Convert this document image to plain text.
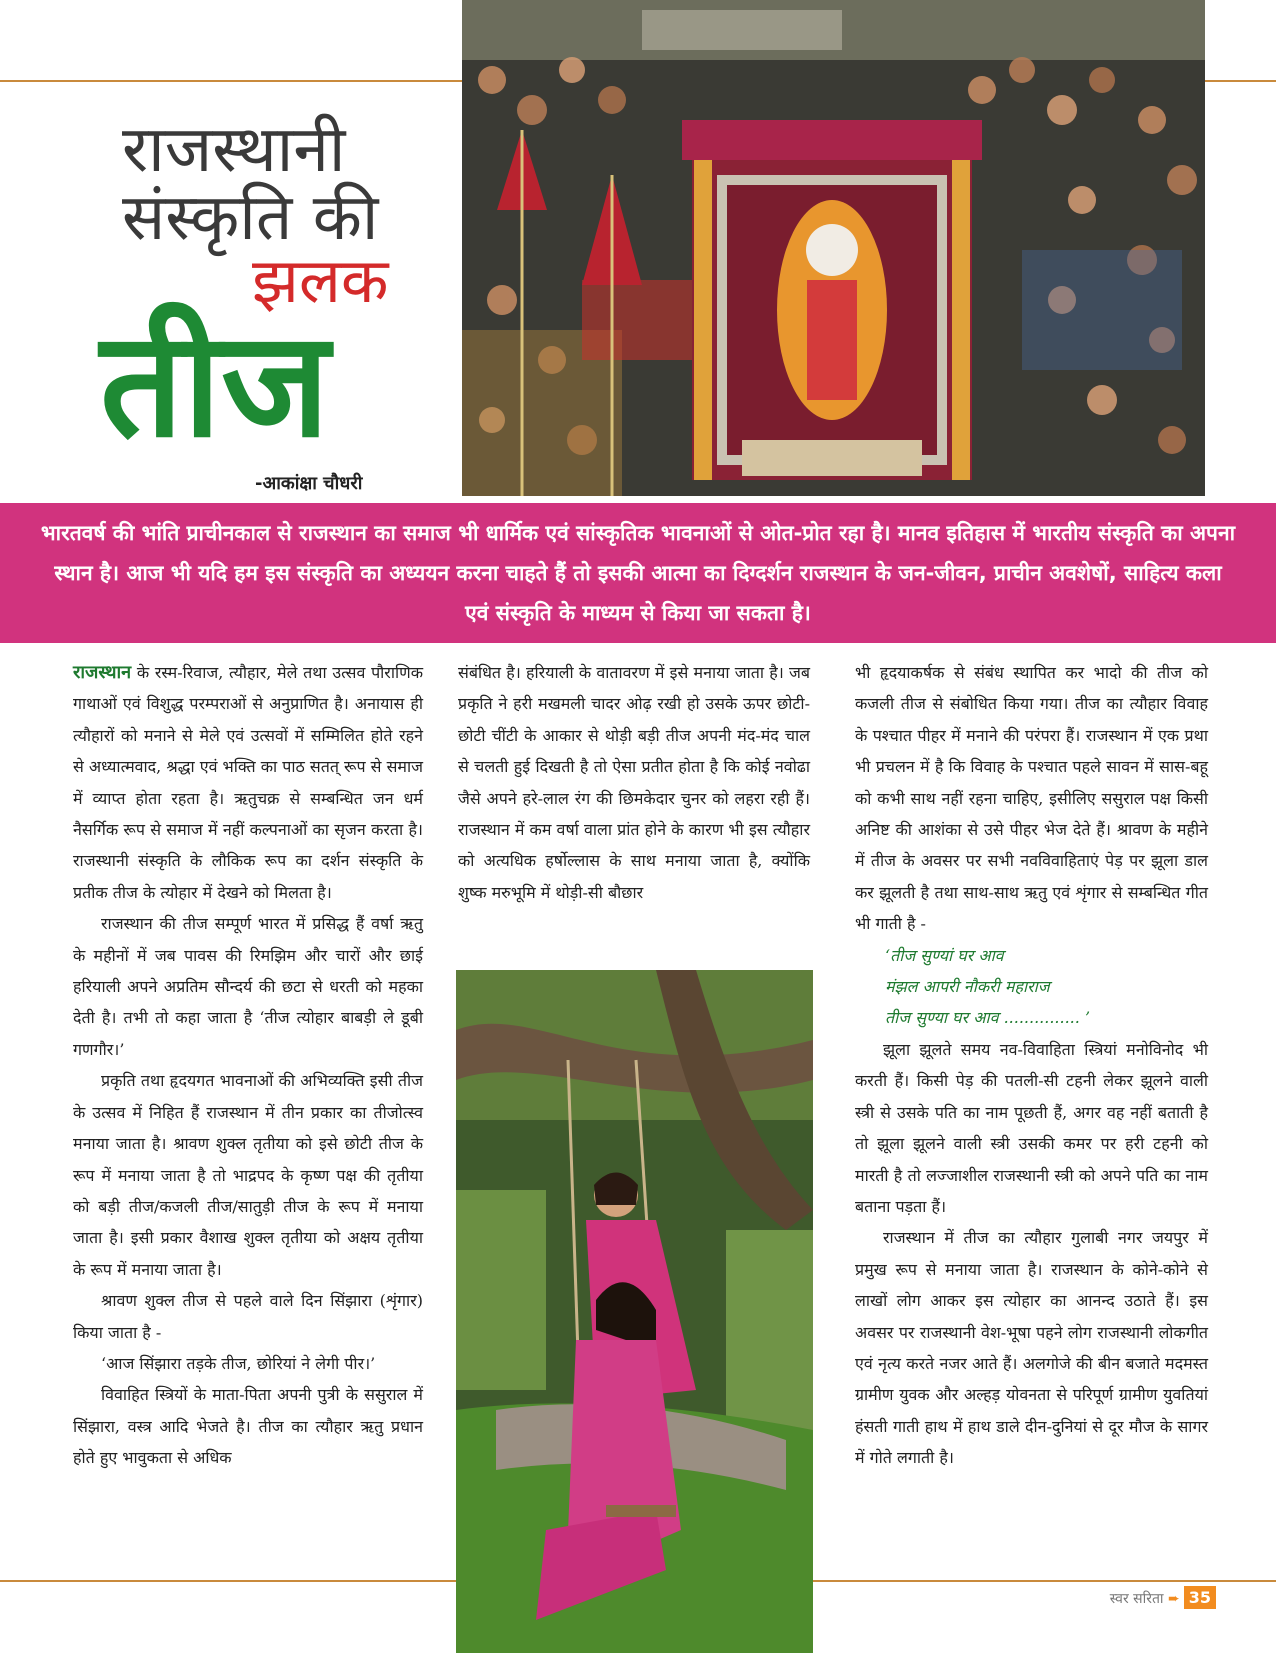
राजस्थानी
संस्कृति की
झलक
तीज
-आकांक्षा चौधरी
भारतवर्ष की भांति प्राचीनकाल से राजस्थान का समाज भी धार्मिक एवं सांस्कृतिक भावनाओं से ओत-प्रोत रहा है। मानव इतिहास में भारतीय संस्कृति का अपना स्थान है। आज भी यदि हम इस संस्कृति का अध्ययन करना चाहते हैं तो इसकी आत्मा का दिग्दर्शन राजस्थान के जन-जीवन, प्राचीन अवशेषों, साहित्य कला एवं संस्कृति के माध्यम से किया जा सकता है।

राजस्थान के रस्म-रिवाज, त्यौहार, मेले तथा उत्सव पौराणिक गाथाओं एवं विशुद्ध परम्पराओं से अनुप्राणित है। अनायास ही त्यौहारों को मनाने से मेले एवं उत्सवों में सम्मिलित होते रहने से अध्यात्मवाद, श्रद्धा एवं भक्ति का पाठ सतत् रूप से समाज में व्याप्त होता रहता है। ऋतुचक्र से सम्बन्धित जन धर्म नैसर्गिक रूप से समाज में नहीं कल्पनाओं का सृजन करता है। राजस्थानी संस्कृति के लौकिक रूप का दर्शन संस्कृति के प्रतीक तीज के त्योहार में देखने को मिलता है।

राजस्थान की तीज सम्पूर्ण भारत में प्रसिद्ध हैं वर्षा ऋतु के महीनों में जब पावस की रिमझिम और चारों और छाई हरियाली अपने अप्रतिम सौन्दर्य की छटा से धरती को महका देती है। तभी तो कहा जाता है ‘तीज त्योहार बाबड़ी ले डूबी गणगौर।’

प्रकृति तथा हृदयगत भावनाओं की अभिव्यक्ति इसी तीज के उत्सव में निहित हैं राजस्थान में तीन प्रकार का तीजोत्स्व मनाया जाता है। श्रावण शुक्ल तृतीया को इसे छोटी तीज के रूप में मनाया जाता है तो भाद्रपद के कृष्ण पक्ष की तृतीया को बड़ी तीज/कजली तीज/सातुड़ी तीज के रूप में मनाया जाता है। इसी प्रकार वैशाख शुक्ल तृतीया को अक्षय तृतीया के रूप में मनाया जाता है।

श्रावण शुक्ल तीज से पहले वाले दिन सिंझारा (शृंगार) किया जाता है -

‘आज सिंझारा तड़के तीज, छोरियां ने लेगी पीर।’

विवाहित स्त्रियों के माता-पिता अपनी पुत्री के ससुराल में सिंझारा, वस्त्र आदि भेजते है। तीज का त्यौहार ऋतु प्रधान होते हुए भावुकता से अधिक

संबंधित है। हरियाली के वातावरण में इसे मनाया जाता है। जब प्रकृति ने हरी मखमली चादर ओढ़ रखी हो उसके ऊपर छोटी-छोटी चींटी के आकार से थोड़ी बड़ी तीज अपनी मंद-मंद चाल से चलती हुई दिखती है तो ऐसा प्रतीत होता है कि कोई नवोढा जैसे अपने हरे-लाल रंग की छिमकेदार चुनर को लहरा रही हैं। राजस्थान में कम वर्षा वाला प्रांत होने के कारण भी इस त्यौहार को अत्यधिक हर्षोल्लास के साथ मनाया जाता है, क्योंकि शुष्क मरुभूमि में थोड़ी-सी बौछार

भी हृदयाकर्षक से संबंध स्थापित कर भादो की तीज को कजली तीज से संबोधित किया गया। तीज का त्यौहार विवाह के पश्चात पीहर में मनाने की परंपरा हैं। राजस्थान में एक प्रथा भी प्रचलन में है कि विवाह के पश्चात पहले सावन में सास-बहू को कभी साथ नहीं रहना चाहिए, इसीलिए ससुराल पक्ष किसी अनिष्ट की आशंका से उसे पीहर भेज देते हैं। श्रावण के महीने में तीज के अवसर पर सभी नवविवाहिताएं पेड़ पर झूला डाल कर झूलती है तथा साथ-साथ ऋतु एवं शृंगार से सम्बन्धित गीत भी गाती है -

‘तीज सुण्यां घर आव

मंझल आपरी नौकरी महाराज

तीज सुण्या घर आव ............... ’

झूला झूलते समय नव-विवाहिता स्त्रियां मनोविनोद भी करती हैं। किसी पेड़ की पतली-सी टहनी लेकर झूलने वाली स्त्री से उसके पति का नाम पूछती हैं, अगर वह नहीं बताती है तो झूला झूलने वाली स्त्री उसकी कमर पर हरी टहनी को मारती है तो लज्जाशील राजस्थानी स्त्री को अपने पति का नाम बताना पड़ता हैं।

राजस्थान में तीज का त्यौहार गुलाबी नगर जयपुर में प्रमुख रूप से मनाया जाता है। राजस्थान के कोने-कोने से लाखों लोग आकर इस त्योहार का आनन्द उठाते हैं। इस अवसर पर राजस्थानी वेश-भूषा पहने लोग राजस्थानी लोकगीत एवं नृत्य करते नजर आते हैं। अलगोजे की बीन बजाते मदमस्त ग्रामीण युवक और अल्हड़ योवनता से परिपूर्ण ग्रामीण युवतियां हंसती गाती हाथ में हाथ डाले दीन-दुनियां से दूर मौज के सागर में गोते लगाती है।

स्वर सरिता ➨ 35
